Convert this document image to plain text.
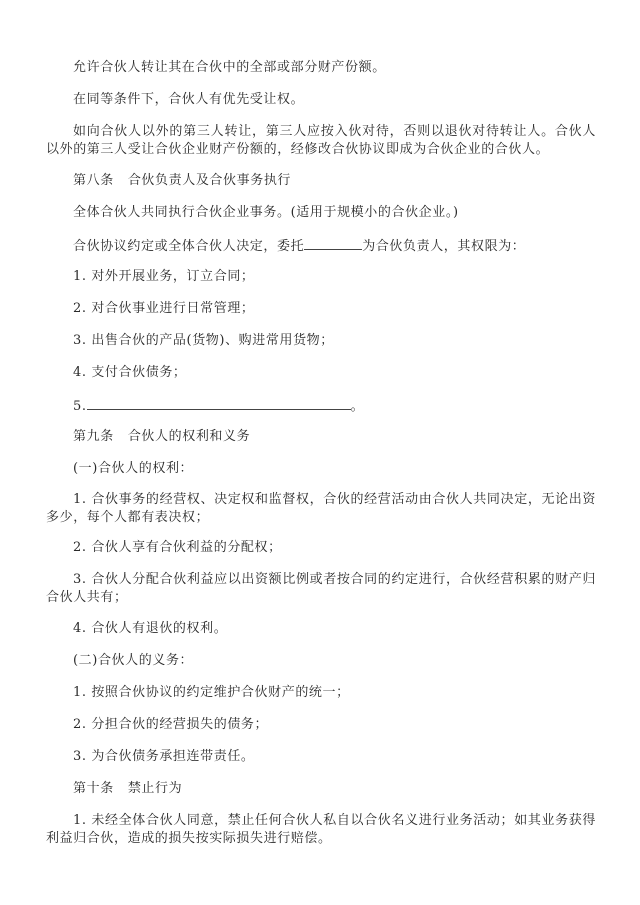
允许合伙人转让其在合伙中的全部或部分财产份额。

在同等条件下，合伙人有优先受让权。

如向合伙人以外的第三人转让，第三人应按入伙对待，否则以退伙对待转让人。合伙人以外的第三人受让合伙企业财产份额的，经修改合伙协议即成为合伙企业的合伙人。

第八条 合伙负责人及合伙事务执行

全体合伙人共同执行合伙企业事务。(适用于规模小的合伙企业。)

合伙协议约定或全体合伙人决定，委托	为合伙负责人，其权限为：

1. 对外开展业务，订立合同；

2. 对合伙事业进行日常管理；

3. 出售合伙的产品(货物)、购进常用货物；

4. 支付合伙债务；

5.	。

第九条 合伙人的权利和义务

(一)合伙人的权利：

1. 合伙事务的经营权、决定权和监督权，合伙的经营活动由合伙人共同决定，无论出资多少，每个人都有表决权；

2. 合伙人享有合伙利益的分配权；

3. 合伙人分配合伙利益应以出资额比例或者按合同的约定进行，合伙经营积累的财产归合伙人共有；

4. 合伙人有退伙的权利。

(二)合伙人的义务：

1. 按照合伙协议的约定维护合伙财产的统一；

2. 分担合伙的经营损失的债务；

3. 为合伙债务承担连带责任。

第十条 禁止行为

1. 未经全体合伙人同意，禁止任何合伙人私自以合伙名义进行业务活动；如其业务获得利益归合伙，造成的损失按实际损失进行赔偿。
